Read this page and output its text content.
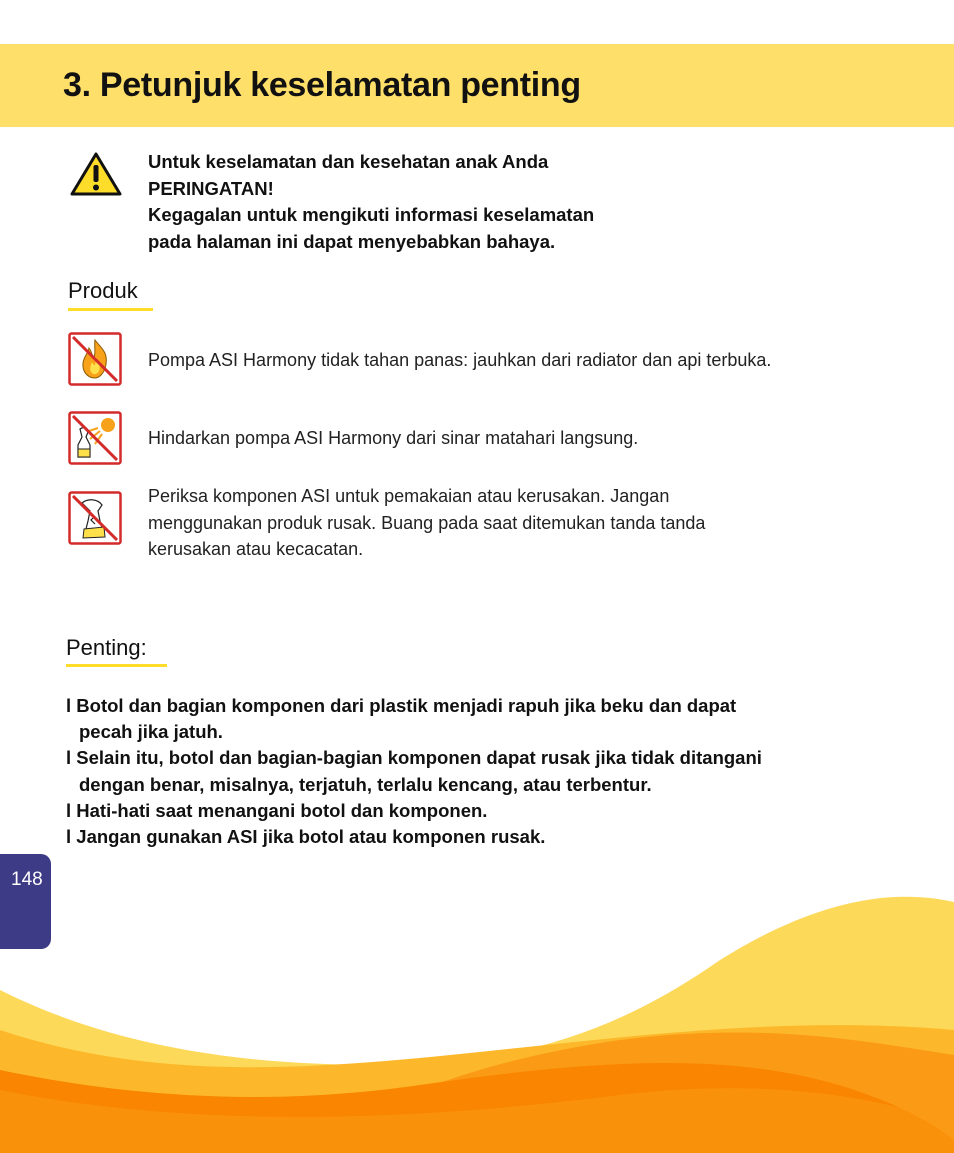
3. Petunjuk keselamatan penting
Untuk keselamatan dan kesehatan anak Anda
PERINGATAN!
Kegagalan untuk mengikuti informasi keselamatan
pada halaman ini dapat menyebabkan bahaya.
Produk
Pompa ASI Harmony tidak tahan panas: jauhkan dari radiator dan api terbuka.
Hindarkan pompa ASI Harmony dari sinar matahari langsung.
Periksa komponen ASI untuk pemakaian atau kerusakan. Jangan
menggunakan produk rusak. Buang pada saat ditemukan tanda tanda
kerusakan atau kecacatan.
Penting:
l Botol dan bagian komponen dari plastik menjadi rapuh jika beku dan dapat
pecah jika jatuh.
l Selain itu, botol dan bagian-bagian komponen dapat rusak jika tidak ditangani
dengan benar, misalnya, terjatuh, terlalu kencang, atau terbentur.
l Hati-hati saat menangani botol dan komponen.
l Jangan gunakan ASI jika botol atau komponen rusak.
148
